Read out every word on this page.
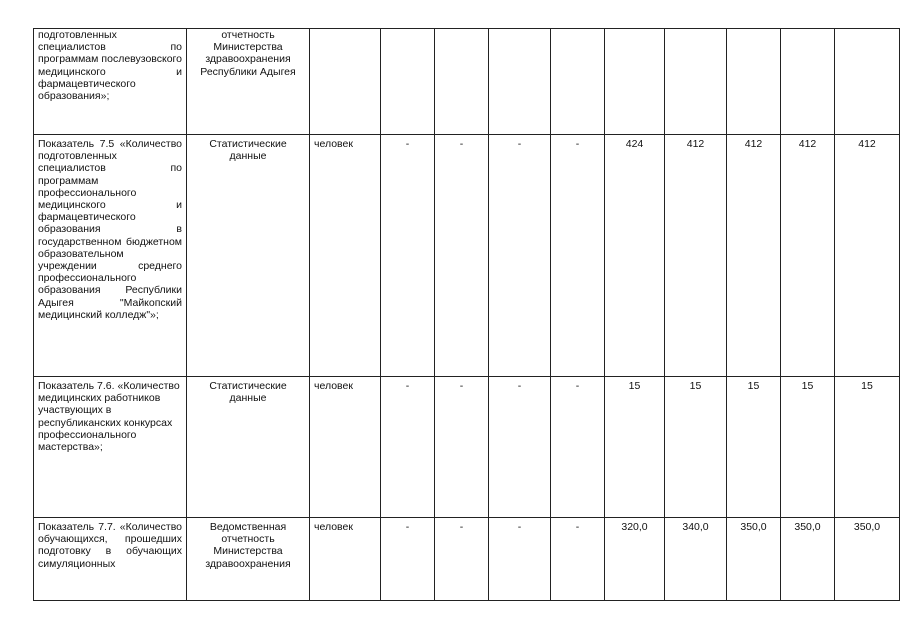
подготовленных специалистов по программам послевузовского медицинского и фармацевтического образования»;	отчетность Министерства здравоохранения Республики Адыгея										
Показатель 7.5 «Количество подготовленных специалистов по программам профессионального медицинского и фармацевтического образования в государственном бюджетном образовательном учреждении среднего профессионального образования Республики Адыгея "Майкопский медицинский колледж"»;	Статистические данные	человек	-	-	-	-	424	412	412	412	412
Показатель 7.6. «Количество медицинских работников участвующих в республиканских конкурсах профессионального мастерства»;	Статистические данные	человек	-	-	-	-	15	15	15	15	15
Показатель 7.7. «Количество обучающихся, прошедших подготовку в обучающих симуляционных	Ведомственная отчетность Министерства здравоохранения	человек	-	-	-	-	320,0	340,0	350,0	350,0	350,0
